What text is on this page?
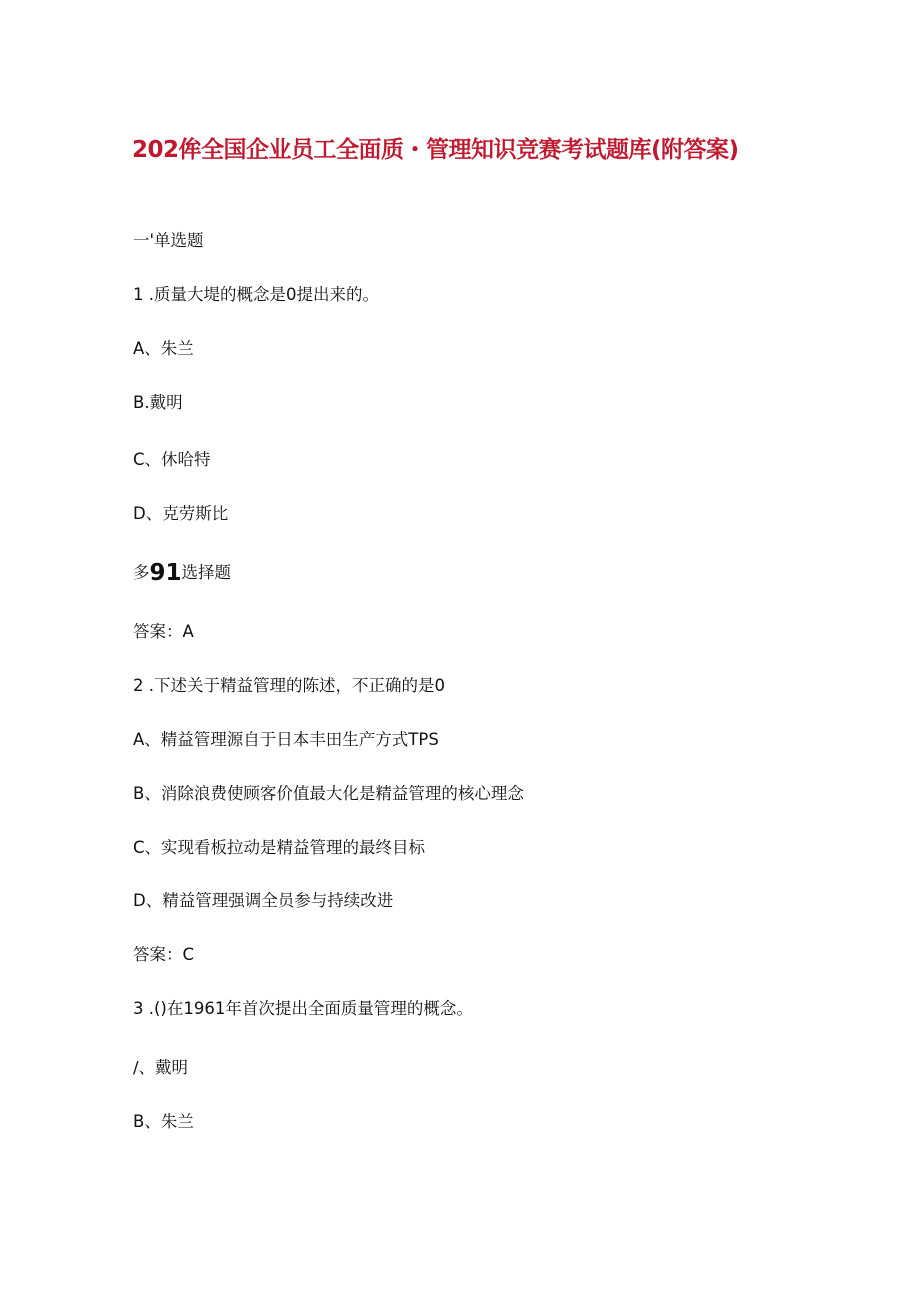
202侔全国企业员工全面质・管理知识竞赛考试题库(附答案)
一'单选题
1 .质量大堤的概念是0提出来的。
A、朱兰
B.戴明
C、休哈特
D、克劳斯比
多91选择题
答案：A
2 .下述关于精益管理的陈述，不正确的是0
A、精益管理源自于日本丰田生产方式TPS
B、消除浪费使顾客价值最大化是精益管理的核心理念
C、实现看板拉动是精益管理的最终目标
D、精益管理强调全员参与持续改进
答案：C
3 .()在1961年首次提出全面质量管理的概念。
∕、戴明
B、朱兰
